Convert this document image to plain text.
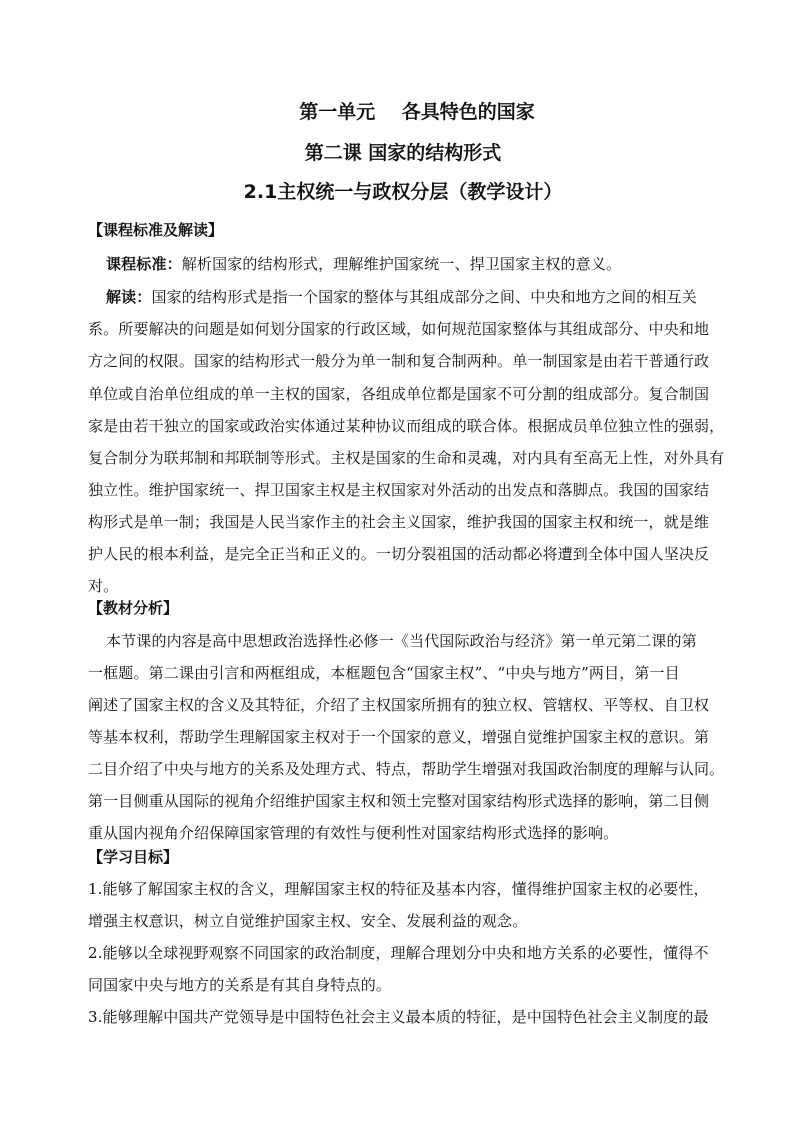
第一单元    各具特色的国家
第二课 国家的结构形式
2.1主权统一与政权分层（教学设计）
【课程标准及解读】
课程标准：解析国家的结构形式，理解维护国家统一、捍卫国家主权的意义。
解读：国家的结构形式是指一个国家的整体与其组成部分之间、中央和地方之间的相互关
系。所要解决的问题是如何划分国家的行政区域，如何规范国家整体与其组成部分、中央和地
方之间的权限。国家的结构形式一般分为单一制和复合制两种。单一制国家是由若干普通行政
单位或自治单位组成的单一主权的国家，各组成单位都是国家不可分割的组成部分。复合制国
家是由若干独立的国家或政治实体通过某种协议而组成的联合体。根据成员单位独立性的强弱，
复合制分为联邦制和邦联制等形式。主权是国家的生命和灵魂，对内具有至高无上性，对外具有
独立性。维护国家统一、捍卫国家主权是主权国家对外活动的出发点和落脚点。我国的国家结
构形式是单一制；我国是人民当家作主的社会主义国家，维护我国的国家主权和统一，就是维
护人民的根本利益，是完全正当和正义的。一切分裂祖国的活动都必将遭到全体中国人坚决反
对。
【教材分析】
本节课的内容是高中思想政治选择性必修一《当代国际政治与经济》第一单元第二课的第
一框题。第二课由引言和两框组成，本框题包含“国家主权”、“中央与地方”两目，第一目
阐述了国家主权的含义及其特征，介绍了主权国家所拥有的独立权、管辖权、平等权、自卫权
等基本权利，帮助学生理解国家主权对于一个国家的意义，增强自觉维护国家主权的意识。第
二目介绍了中央与地方的关系及处理方式、特点，帮助学生增强对我国政治制度的理解与认同。
第一目侧重从国际的视角介绍维护国家主权和领土完整对国家结构形式选择的影响，第二目侧
重从国内视角介绍保障国家管理的有效性与便利性对国家结构形式选择的影响。
【学习目标】
1.能够了解国家主权的含义，理解国家主权的特征及基本内容，懂得维护国家主权的必要性，
增强主权意识，树立自觉维护国家主权、安全、发展利益的观念。
2.能够以全球视野观察不同国家的政治制度，理解合理划分中央和地方关系的必要性，懂得不
同国家中央与地方的关系是有其自身特点的。
3.能够理解中国共产党领导是中国特色社会主义最本质的特征，是中国特色社会主义制度的最
